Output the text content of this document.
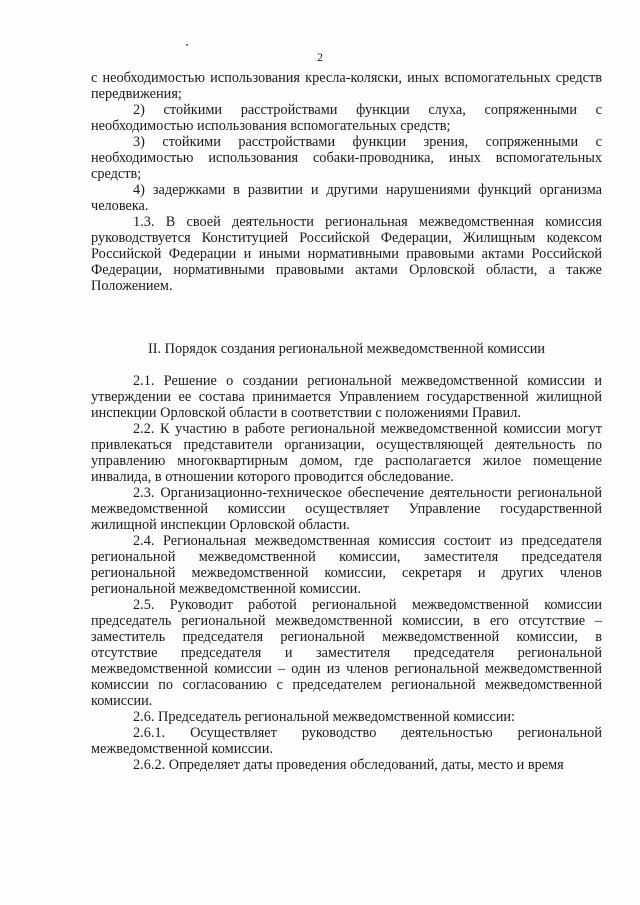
2

с необходимостью использования кресла-коляски, иных вспомогательных средств передвижения;

2) стойкими расстройствами функции слуха, сопряженными с необходимостью использования вспомогательных средств;

3) стойкими расстройствами функции зрения, сопряженными с необходимостью использования собаки-проводника, иных вспомогательных средств;

4) задержками в развитии и другими нарушениями функций организма человека.

1.3. В своей деятельности региональная межведомственная комиссия руководствуется Конституцией Российской Федерации, Жилищным кодексом Российской Федерации и иными нормативными правовыми актами Российской Федерации, нормативными правовыми актами Орловской области, а также Положением.

II. Порядок создания региональной межведомственной комиссии

2.1. Решение о создании региональной межведомственной комиссии и утверждении ее состава принимается Управлением государственной жилищной инспекции Орловской области в соответствии с положениями Правил.

2.2. К участию в работе региональной межведомственной комиссии могут привлекаться представители организации, осуществляющей деятельность по управлению многоквартирным домом, где располагается жилое помещение инвалида, в отношении которого проводится обследование.

2.3. Организационно-техническое обеспечение деятельности региональной межведомственной комиссии осуществляет Управление государственной жилищной инспекции Орловской области.

2.4. Региональная межведомственная комиссия состоит из председателя региональной межведомственной комиссии, заместителя председателя региональной межведомственной комиссии, секретаря и других членов региональной межведомственной комиссии.

2.5. Руководит работой региональной межведомственной комиссии председатель региональной межведомственной комиссии, в его отсутствие – заместитель председателя региональной межведомственной комиссии, в отсутствие председателя и заместителя председателя региональной межведомственной комиссии – один из членов региональной межведомственной комиссии по согласованию с председателем региональной межведомственной комиссии.

2.6. Председатель региональной межведомственной комиссии:

2.6.1. Осуществляет руководство деятельностью региональной межведомственной комиссии.

2.6.2. Определяет даты проведения обследований, даты, место и время
